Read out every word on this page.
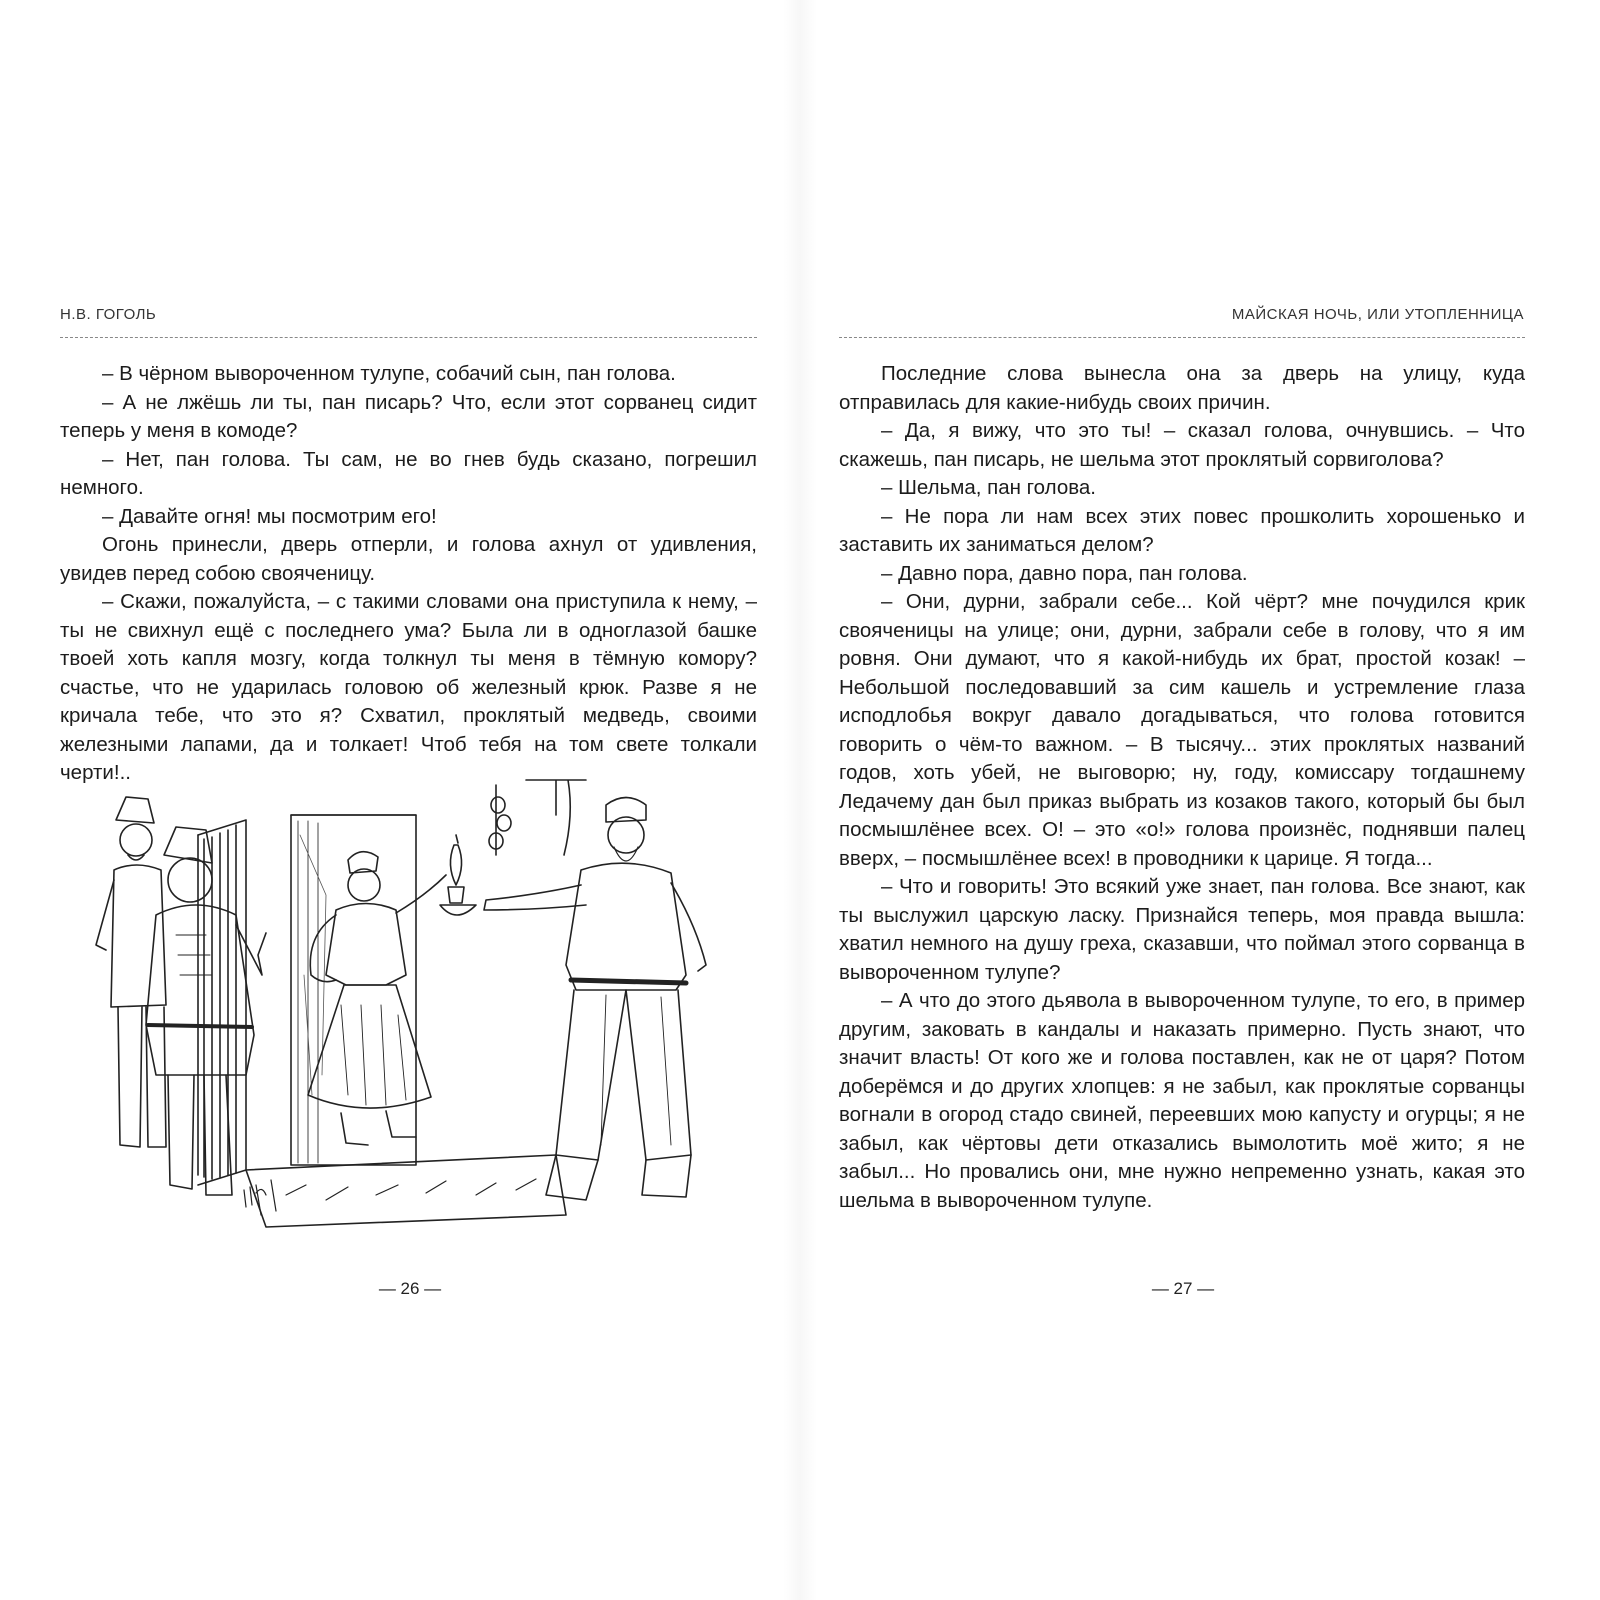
Н.В. ГОГОЛЬ

– В чёрном вывороченном тулупе, собачий сын, пан голова.

– А не лжёшь ли ты, пан писарь? Что, если этот сорванец сидит теперь у меня в комоде?

– Нет, пан голова. Ты сам, не во гнев будь сказано, погрешил немного.

– Давайте огня! мы посмотрим его!

Огонь принесли, дверь отперли, и голова ахнул от удивления, увидев перед собою свояченицу.

– Скажи, пожалуйста, – с такими словами она приступила к нему, – ты не свихнул ещё с последнего ума? Была ли в одноглазой башке твоей хоть капля мозгу, когда толкнул ты меня в тёмную комору? счастье, что не ударилась головою об железный крюк. Разве я не кричала тебе, что это я? Схватил, проклятый медведь, своими железными лапами, да и толкает! Чтоб тебя на том свете толкали черти!..

— 26 —
МАЙСКАЯ НОЧЬ, ИЛИ УТОПЛЕННИЦА

Последние слова вынесла она за дверь на улицу, куда отправилась для какие-нибудь своих причин.

– Да, я вижу, что это ты! – сказал голова, очнувшись. – Что скажешь, пан писарь, не шельма этот проклятый сорвиголова?

– Шельма, пан голова.

– Не пора ли нам всех этих повес прошколить хорошенько и заставить их заниматься делом?

– Давно пора, давно пора, пан голова.

– Они, дурни, забрали себе... Кой чёрт? мне почудился крик свояченицы на улице; они, дурни, забрали себе в голову, что я им ровня. Они думают, что я какой-нибудь их брат, простой козак! – Небольшой последовавший за сим кашель и устремление глаза исподлобья вокруг давало догадываться, что голова готовится говорить о чём-то важном. – В тысячу... этих проклятых названий годов, хоть убей, не выговорю; ну, году, комиссару тогдашнему Ледачему дан был приказ выбрать из козаков такого, который бы был посмышлёнее всех. О! – это «о!» голова произнёс, поднявши палец вверх, – посмышлёнее всех! в проводники к царице. Я тогда...

– Что и говорить! Это всякий уже знает, пан голова. Все знают, как ты выслужил царскую ласку. Признайся теперь, моя правда вышла: хватил немного на душу греха, сказавши, что поймал этого сорванца в вывороченном тулупе?

– А что до этого дьявола в вывороченном тулупе, то его, в пример другим, заковать в кандалы и наказать примерно. Пусть знают, что значит власть! От кого же и голова поставлен, как не от царя? Потом доберёмся и до других хлопцев: я не забыл, как проклятые сорванцы вогнали в огород стадо свиней, переевших мою капусту и огурцы; я не забыл, как чёртовы дети отказались вымолотить моё жито; я не забыл... Но провались они, мне нужно непременно узнать, какая это шельма в вывороченном тулупе.

— 27 —
